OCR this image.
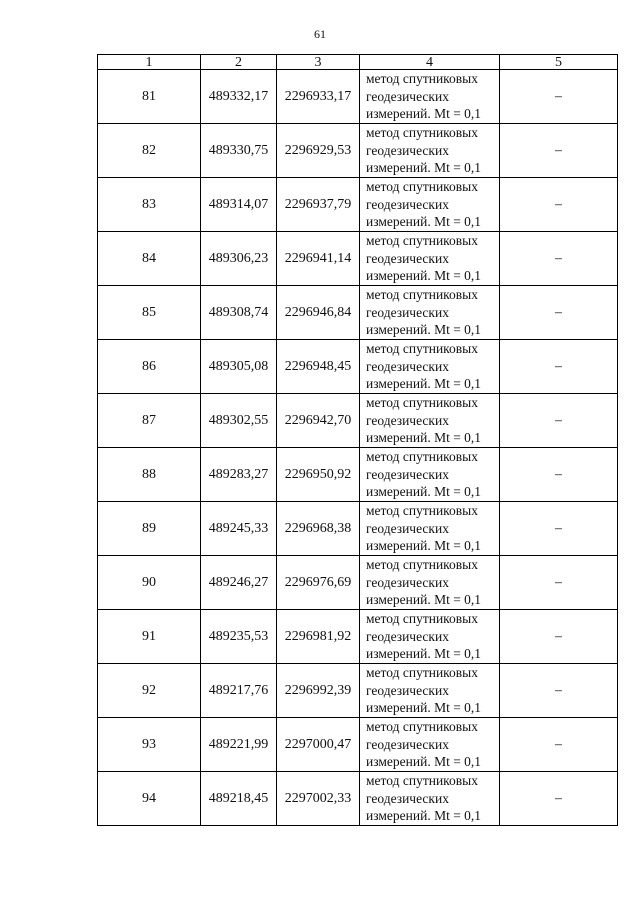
61
1	2	3	4	5
81	489332,17	2296933,17	метод спутниковых
геодезических
измерений. Mt = 0,1	–
82	489330,75	2296929,53	метод спутниковых
геодезических
измерений. Mt = 0,1	–
83	489314,07	2296937,79	метод спутниковых
геодезических
измерений. Mt = 0,1	–
84	489306,23	2296941,14	метод спутниковых
геодезических
измерений. Mt = 0,1	–
85	489308,74	2296946,84	метод спутниковых
геодезических
измерений. Mt = 0,1	–
86	489305,08	2296948,45	метод спутниковых
геодезических
измерений. Mt = 0,1	–
87	489302,55	2296942,70	метод спутниковых
геодезических
измерений. Mt = 0,1	–
88	489283,27	2296950,92	метод спутниковых
геодезических
измерений. Mt = 0,1	–
89	489245,33	2296968,38	метод спутниковых
геодезических
измерений. Mt = 0,1	–
90	489246,27	2296976,69	метод спутниковых
геодезических
измерений. Mt = 0,1	–
91	489235,53	2296981,92	метод спутниковых
геодезических
измерений. Mt = 0,1	–
92	489217,76	2296992,39	метод спутниковых
геодезических
измерений. Mt = 0,1	–
93	489221,99	2297000,47	метод спутниковых
геодезических
измерений. Mt = 0,1	–
94	489218,45	2297002,33	метод спутниковых
геодезических
измерений. Mt = 0,1	–
